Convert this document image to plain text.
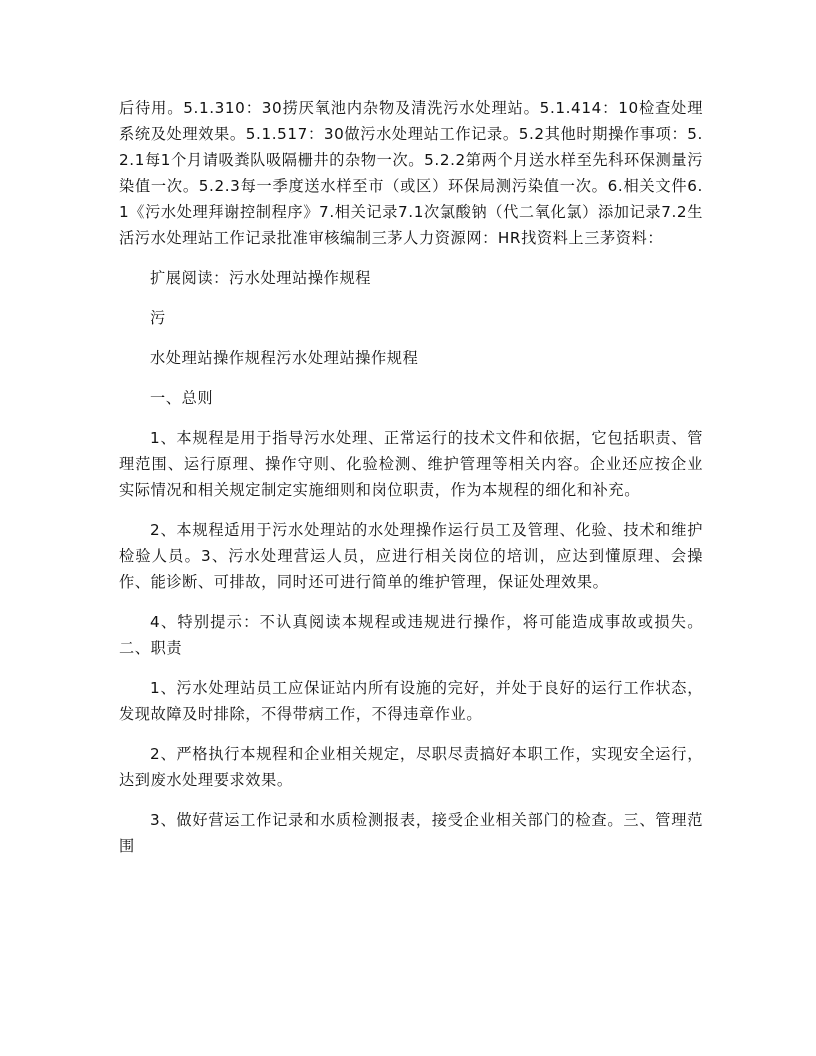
后待用。5.1.310：30捞厌氧池内杂物及清洗污水处理站。5.1.414：10检查处理系统及处理效果。5.1.517：30做污水处理站工作记录。5.2其他时期操作事项：5.2.1每1个月请吸粪队吸隔栅井的杂物一次。5.2.2第两个月送水样至先科环保测量污染值一次。5.2.3每一季度送水样至市（或区）环保局测污染值一次。6.相关文件6.1《污水处理拜谢控制程序》7.相关记录7.1次氯酸钠（代二氧化氯）添加记录7.2生活污水处理站工作记录批准审核编制三茅人力资源网：HR找资料上三茅资料：

扩展阅读：污水处理站操作规程

污

水处理站操作规程污水处理站操作规程

一、总则

1、本规程是用于指导污水处理、正常运行的技术文件和依据，它包括职责、管理范围、运行原理、操作守则、化验检测、维护管理等相关内容。企业还应按企业实际情况和相关规定制定实施细则和岗位职责，作为本规程的细化和补充。

2、本规程适用于污水处理站的水处理操作运行员工及管理、化验、技术和维护检验人员。3、污水处理营运人员，应进行相关岗位的培训，应达到懂原理、会操作、能诊断、可排故，同时还可进行简单的维护管理，保证处理效果。

4、特别提示：不认真阅读本规程或违规进行操作，将可能造成事故或损失。二、职责

1、污水处理站员工应保证站内所有设施的完好，并处于良好的运行工作状态，发现故障及时排除，不得带病工作，不得违章作业。

2、严格执行本规程和企业相关规定，尽职尽责搞好本职工作，实现安全运行，达到废水处理要求效果。

3、做好营运工作记录和水质检测报表，接受企业相关部门的检查。三、管理范围
